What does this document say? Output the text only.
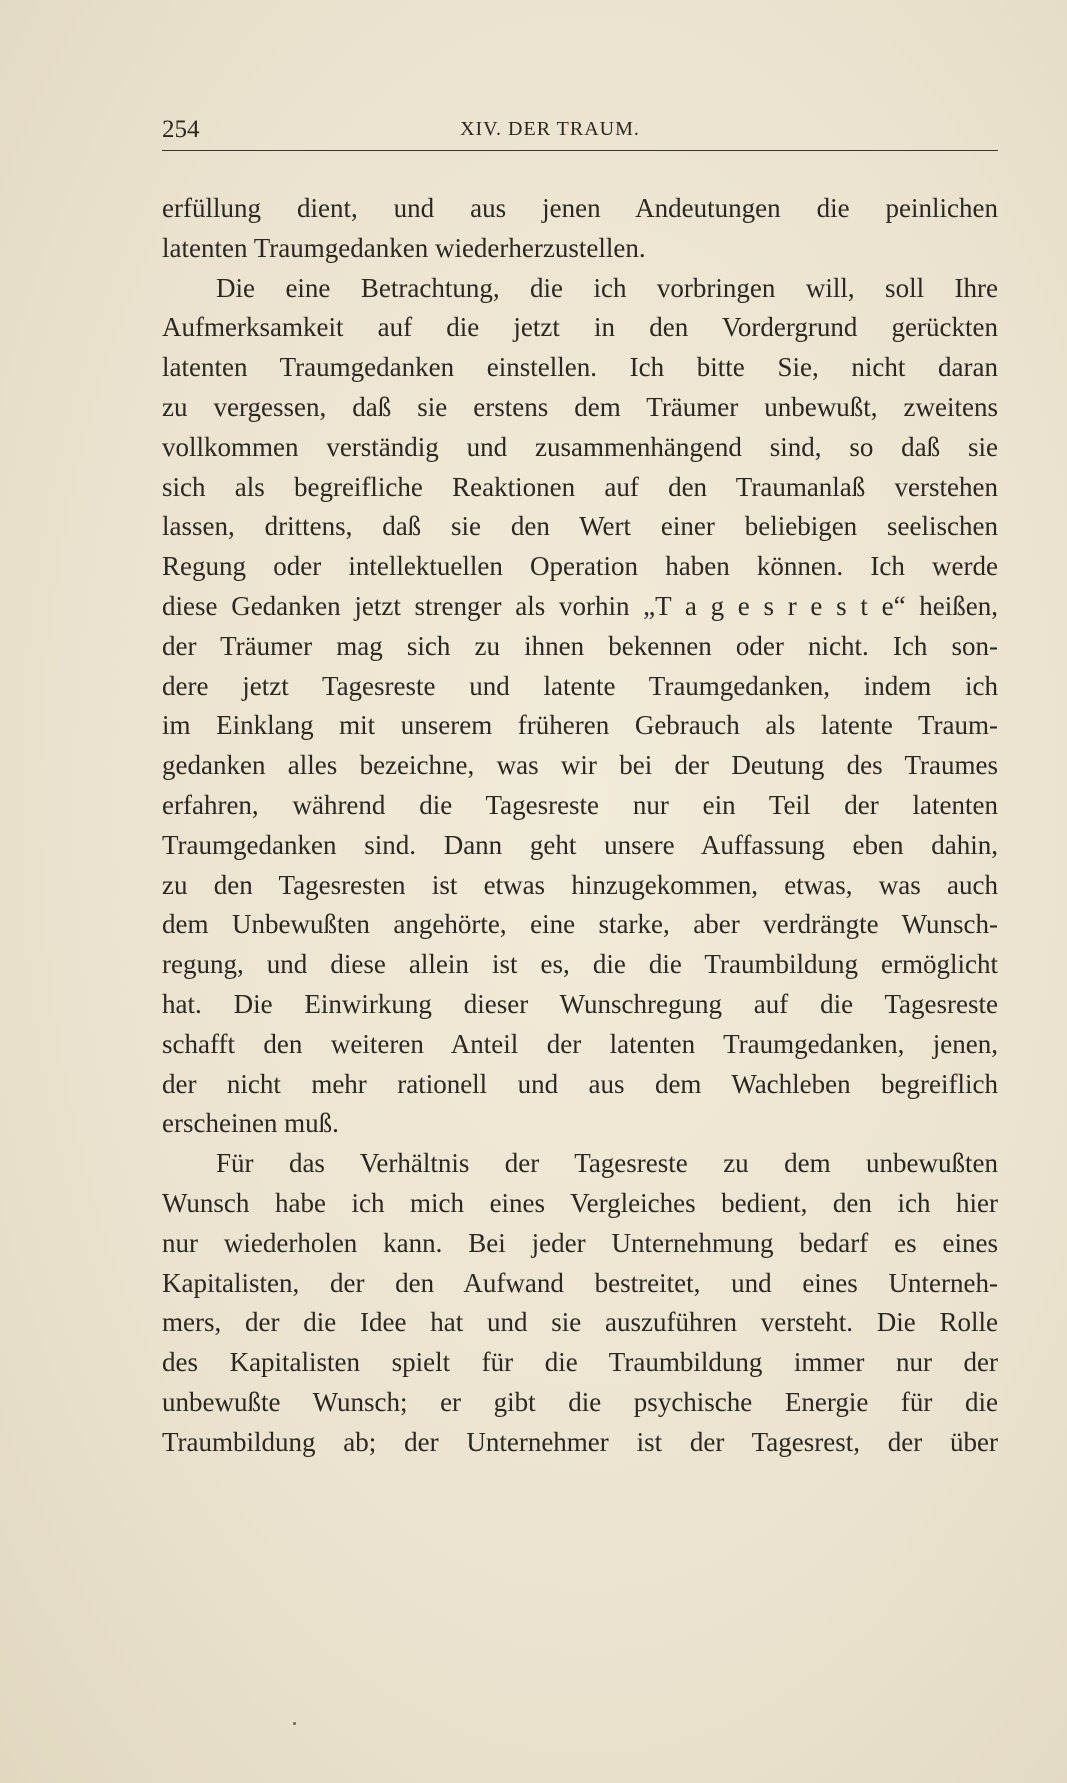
254	XIV. DER TRAUM.
erfüllung dient, und aus jenen Andeutungen die peinlichen
latenten Traumgedanken wiederherzustellen.
Die eine Betrachtung, die ich vorbringen will, soll Ihre
Aufmerksamkeit auf die jetzt in den Vordergrund gerückten
latenten Traumgedanken einstellen. Ich bitte Sie, nicht daran
zu vergessen, daß sie erstens dem Träumer unbewußt, zweitens
vollkommen verständig und zusammenhängend sind, so daß sie
sich als begreifliche Reaktionen auf den Traumanlaß verstehen
lassen, drittens, daß sie den Wert einer beliebigen seelischen
Regung oder intellektuellen Operation haben können. Ich werde
diese Gedanken jetzt strenger als vorhin „T a g e s r e s t e“ heißen,
der Träumer mag sich zu ihnen bekennen oder nicht. Ich son-
dere jetzt Tagesreste und latente Traumgedanken, indem ich
im Einklang mit unserem früheren Gebrauch als latente Traum-
gedanken alles bezeichne, was wir bei der Deutung des Traumes
erfahren, während die Tagesreste nur ein Teil der latenten
Traumgedanken sind. Dann geht unsere Auffassung eben dahin,
zu den Tagesresten ist etwas hinzugekommen, etwas, was auch
dem Unbewußten angehörte, eine starke, aber verdrängte Wunsch-
regung, und diese allein ist es, die die Traumbildung ermöglicht
hat. Die Einwirkung dieser Wunschregung auf die Tagesreste
schafft den weiteren Anteil der latenten Traumgedanken, jenen,
der nicht mehr rationell und aus dem Wachleben begreiflich
erscheinen muß.
Für das Verhältnis der Tagesreste zu dem unbewußten
Wunsch habe ich mich eines Vergleiches bedient, den ich hier
nur wiederholen kann. Bei jeder Unternehmung bedarf es eines
Kapitalisten, der den Aufwand bestreitet, und eines Unterneh-
mers, der die Idee hat und sie auszuführen versteht. Die Rolle
des Kapitalisten spielt für die Traumbildung immer nur der
unbewußte Wunsch; er gibt die psychische Energie für die
Traumbildung ab; der Unternehmer ist der Tagesrest, der über
